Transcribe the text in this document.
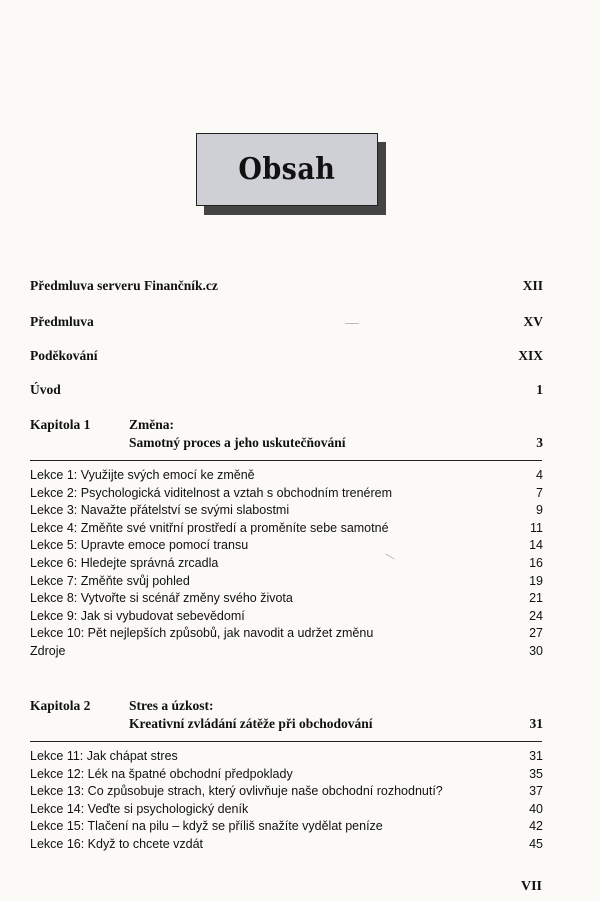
Obsah
Předmluva serveru Finančník.cz	XII
Předmluva	XV
Poděkování	XIX
Úvod	1
Kapitola 1	Změna:
Samotný proces a jeho uskutečňování	3
Lekce 1: Využijte svých emocí ke změně	4
Lekce 2: Psychologická viditelnost a vztah s obchodním trenérem	7
Lekce 3: Navažte přátelství se svými slabostmi	9
Lekce 4: Změňte své vnitřní prostředí a proměníte sebe samotné	11
Lekce 5: Upravte emoce pomocí transu	14
Lekce 6: Hledejte správná zrcadla	16
Lekce 7: Změňte svůj pohled	19
Lekce 8: Vytvořte si scénář změny svého života	21
Lekce 9: Jak si vybudovat sebevědomí	24
Lekce 10: Pět nejlepších způsobů, jak navodit a udržet změnu	27
Zdroje	30
Kapitola 2	Stres a úzkost:
Kreativní zvládání zátěže při obchodování	31
Lekce 11: Jak chápat stres	31
Lekce 12: Lék na špatné obchodní předpoklady	35
Lekce 13: Co způsobuje strach, který ovlivňuje naše obchodní rozhodnutí?	37
Lekce 14: Veďte si psychologický deník	40
Lekce 15: Tlačení na pilu – když se příliš snažíte vydělat peníze	42
Lekce 16: Když to chcete vzdát	45
VII
